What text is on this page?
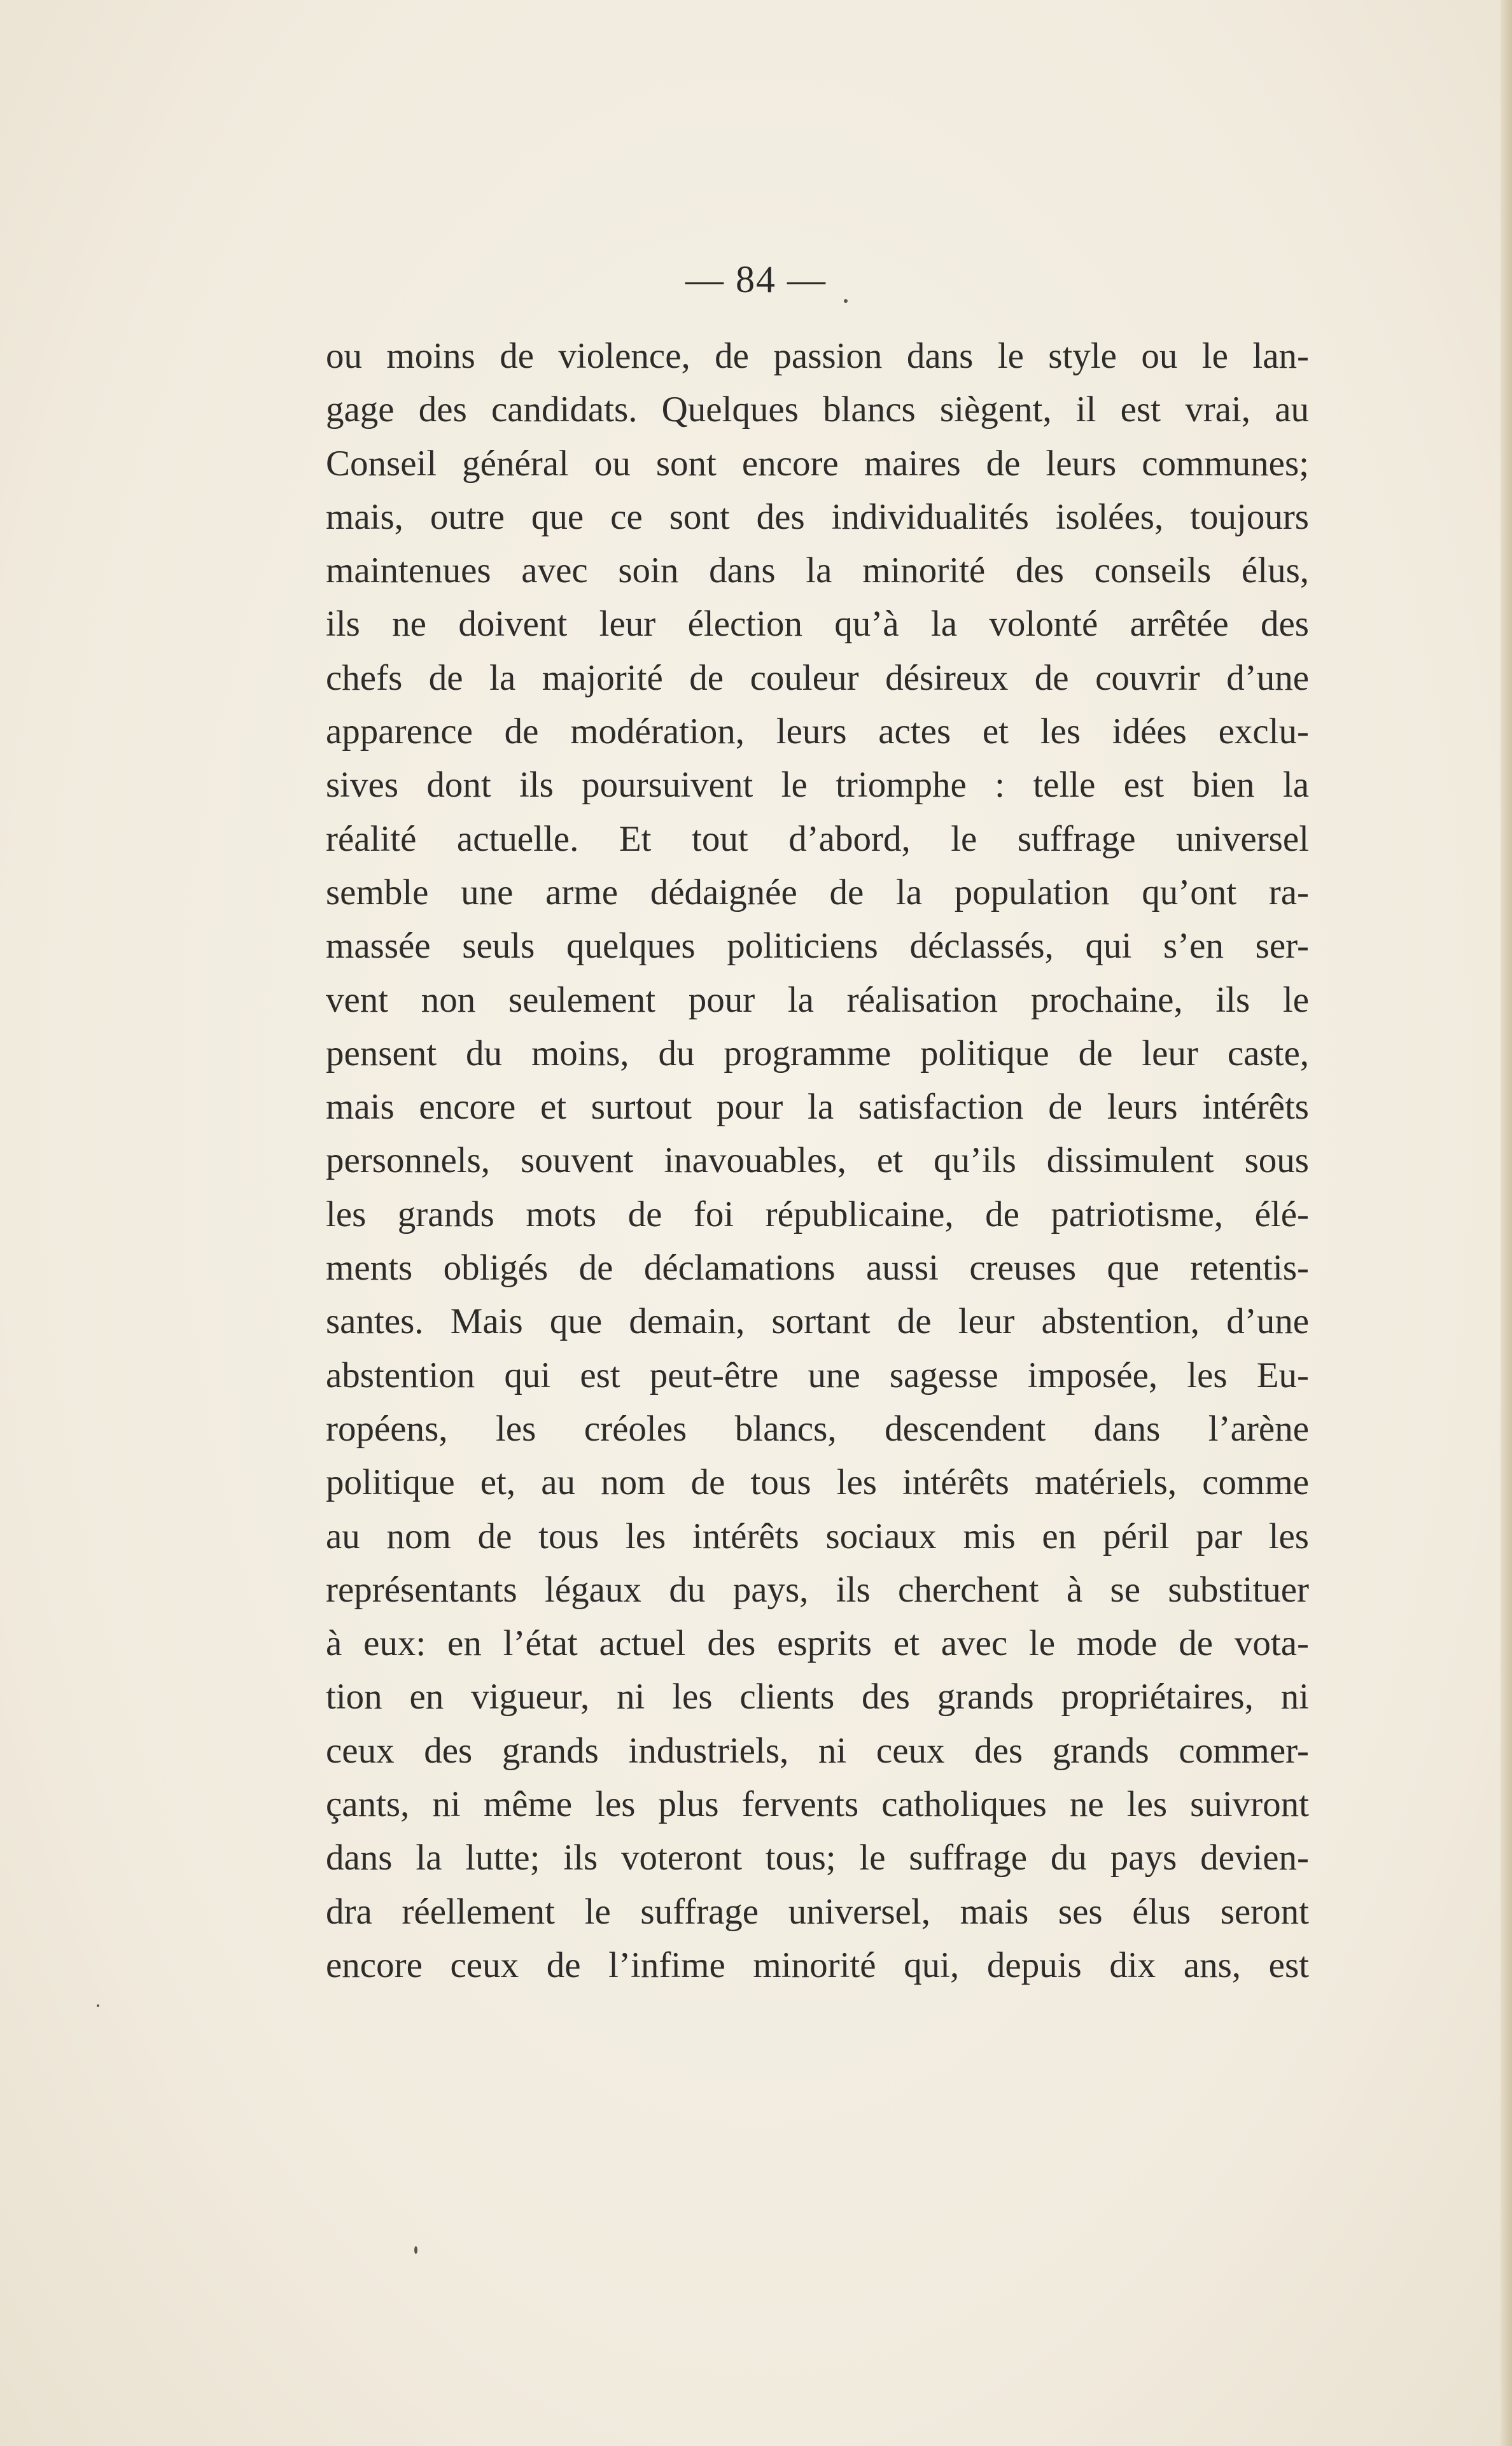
— 84 —
ou moins de violence, de passion dans le style ou le lan-
gage des candidats. Quelques blancs siègent, il est vrai, au
Conseil général ou sont encore maires de leurs communes;
mais, outre que ce sont des individualités isolées, toujours
maintenues avec soin dans la minorité des conseils élus,
ils ne doivent leur élection qu’à la volonté arrêtée des
chefs de la majorité de couleur désireux de couvrir d’une
apparence de modération, leurs actes et les idées exclu-
sives dont ils poursuivent le triomphe : telle est bien la
réalité actuelle. Et tout d’abord, le suffrage universel
semble une arme dédaignée de la population qu’ont ra-
massée seuls quelques politiciens déclassés, qui s’en ser-
vent non seulement pour la réalisation prochaine, ils le
pensent du moins, du programme politique de leur caste,
mais encore et surtout pour la satisfaction de leurs intérêts
personnels, souvent inavouables, et qu’ils dissimulent sous
les grands mots de foi républicaine, de patriotisme, élé-
ments obligés de déclamations aussi creuses que retentis-
santes. Mais que demain, sortant de leur abstention, d’une
abstention qui est peut-être une sagesse imposée, les Eu-
ropéens, les créoles blancs, descendent dans l’arène
politique et, au nom de tous les intérêts matériels, comme
au nom de tous les intérêts sociaux mis en péril par les
représentants légaux du pays, ils cherchent à se substituer
à eux: en l’état actuel des esprits et avec le mode de vota-
tion en vigueur, ni les clients des grands propriétaires, ni
ceux des grands industriels, ni ceux des grands commer-
çants, ni même les plus fervents catholiques ne les suivront
dans la lutte; ils voteront tous; le suffrage du pays devien-
dra réellement le suffrage universel, mais ses élus seront
encore ceux de l’infime minorité qui, depuis dix ans, est
